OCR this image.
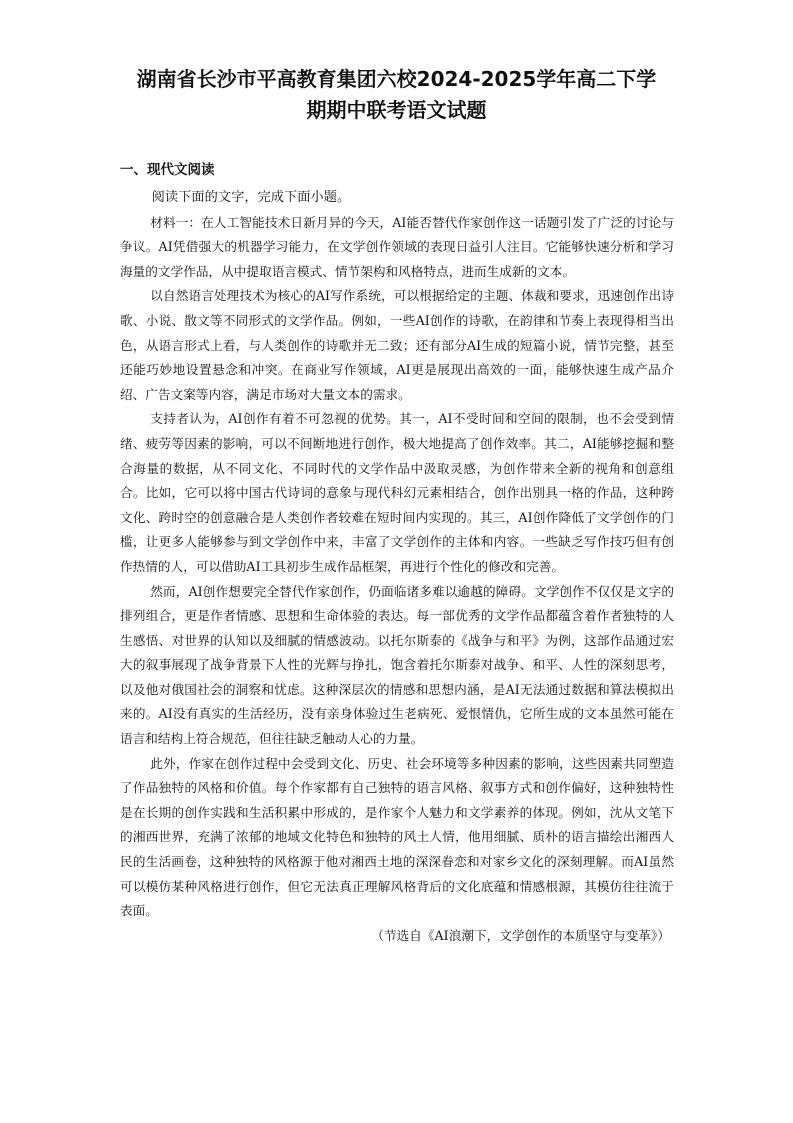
湖南省长沙市平高教育集团六校2024-2025学年高二下学
期期中联考语文试题
一、现代文阅读

阅读下面的文字，完成下面小题。

材料一：在人工智能技术日新月异的今天，AI能否替代作家创作这一话题引发了广泛的讨论与争议。AI凭借强大的机器学习能力，在文学创作领域的表现日益引人注目。它能够快速分析和学习海量的文学作品，从中提取语言模式、情节架构和风格特点，进而生成新的文本。

以自然语言处理技术为核心的AI写作系统，可以根据给定的主题、体裁和要求，迅速创作出诗歌、小说、散文等不同形式的文学作品。例如，一些AI创作的诗歌，在韵律和节奏上表现得相当出色，从语言形式上看，与人类创作的诗歌并无二致；还有部分AI生成的短篇小说，情节完整，甚至还能巧妙地设置悬念和冲突。在商业写作领域，AI更是展现出高效的一面，能够快速生成产品介绍、广告文案等内容，满足市场对大量文本的需求。

支持者认为，AI创作有着不可忽视的优势。其一，AI不受时间和空间的限制，也不会受到情绪、疲劳等因素的影响，可以不间断地进行创作，极大地提高了创作效率。其二，AI能够挖掘和整合海量的数据，从不同文化、不同时代的文学作品中汲取灵感，为创作带来全新的视角和创意组合。比如，它可以将中国古代诗词的意象与现代科幻元素相结合，创作出别具一格的作品，这种跨文化、跨时空的创意融合是人类创作者较难在短时间内实现的。其三，AI创作降低了文学创作的门槛，让更多人能够参与到文学创作中来，丰富了文学创作的主体和内容。一些缺乏写作技巧但有创作热情的人，可以借助AI工具初步生成作品框架，再进行个性化的修改和完善。

然而，AI创作想要完全替代作家创作，仍面临诸多难以逾越的障碍。文学创作不仅仅是文字的排列组合，更是作者情感、思想和生命体验的表达。每一部优秀的文学作品都蕴含着作者独特的人生感悟、对世界的认知以及细腻的情感波动。以托尔斯泰的《战争与和平》为例，这部作品通过宏大的叙事展现了战争背景下人性的光辉与挣扎，饱含着托尔斯泰对战争、和平、人性的深刻思考，以及他对俄国社会的洞察和忧虑。这种深层次的情感和思想内涵，是AI无法通过数据和算法模拟出来的。AI没有真实的生活经历，没有亲身体验过生老病死、爱恨情仇，它所生成的文本虽然可能在语言和结构上符合规范，但往往缺乏触动人心的力量。

此外，作家在创作过程中会受到文化、历史、社会环境等多种因素的影响，这些因素共同塑造了作品独特的风格和价值。每个作家都有自己独特的语言风格、叙事方式和创作偏好，这种独特性是在长期的创作实践和生活积累中形成的，是作家个人魅力和文学素养的体现。例如，沈从文笔下的湘西世界，充满了浓郁的地域文化特色和独特的风土人情，他用细腻、质朴的语言描绘出湘西人民的生活画卷，这种独特的风格源于他对湘西土地的深深眷恋和对家乡文化的深刻理解。而AI虽然可以模仿某种风格进行创作，但它无法真正理解风格背后的文化底蕴和情感根源，其模仿往往流于表面。

（节选自《AI浪潮下，文学创作的本质坚守与变革》）
